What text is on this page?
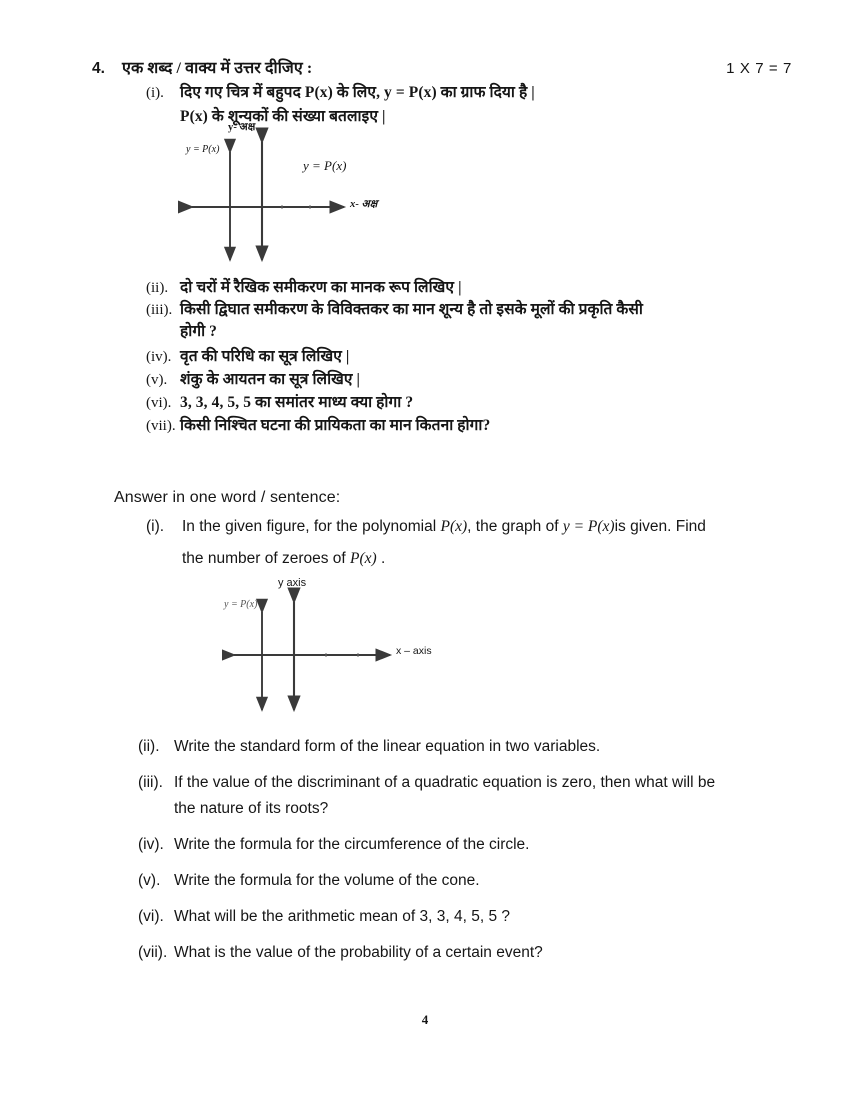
4.	एक शब्द / वाक्य में उत्तर दीजिए :	1 X 7 = 7
(i).	दिए गए चित्र में बहुपद P(x) के लिए, y = P(x) का ग्राफ दिया है |
P(x) के शून्यकों की संख्या बतलाइए |
y- अक्ष
x- अक्ष
y = P(x)
y = P(x)
(ii). दो चरों में रैखिक समीकरण का मानक रूप लिखिए |
(iii). किसी द्विघात समीकरण के विविक्तकर का मान शून्य है तो इसके मूलों की प्रकृति कैसी
होगी ?
(iv). वृत की परिधि का सूत्र लिखिए |
(v). शंकु के आयतन का सूत्र लिखिए |
(vi). 3, 3, 4, 5, 5 का समांतर माध्य क्या होगा ?
(vii). किसी निश्चित घटना की प्रायिकता का मान कितना होगा?
Answer in one word / sentence:
(i).	In the given figure, for the polynomial P(x), the graph of y = P(x)is given. Find
the number of zeroes of P(x) .
y axis
x – axis
y = P(x)
(ii). Write the standard form of the linear equation in two variables.
(iii). If the value of the discriminant of a quadratic equation is zero, then what will be
the nature of its roots?
(iv). Write the formula for the circumference of the circle.
(v). Write the formula for the volume of the cone.
(vi). What will be the arithmetic mean of 3, 3, 4, 5, 5 ?
(vii). What is the value of the probability of a certain event?
4
